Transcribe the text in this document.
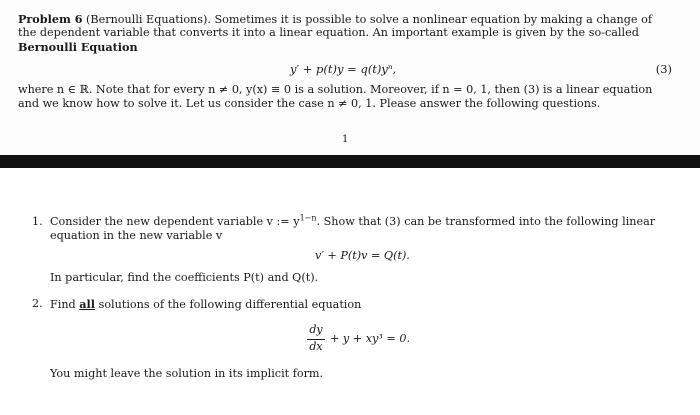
Problem 6 (Bernoulli Equations). Sometimes it is possible to solve a nonlinear equation by making a change of

the dependent variable that converts it into a linear equation. An important example is given by the so-called

Bernoulli Equation

y′ + p(t)y = q(t)yⁿ,	(3)

where n ∈ ℝ. Note that for every n ≠ 0, y(x) ≡ 0 is a solution. Moreover, if n = 0, 1, then (3) is a linear equation

and we know how to solve it. Let us consider the case n ≠ 0, 1. Please answer the following questions.

1
1. Consider the new dependent variable v := $y^{1-n}$. Show that (3) can be transformed into the following linear
equation in the new variable v
v′ + P(t)v = Q(t).
In particular, find the coefficients P(t) and Q(t).
2. Find all solutions of the following differential equation
dy
dx
+ y + xy³ = 0.
You might leave the solution in its implicit form.
